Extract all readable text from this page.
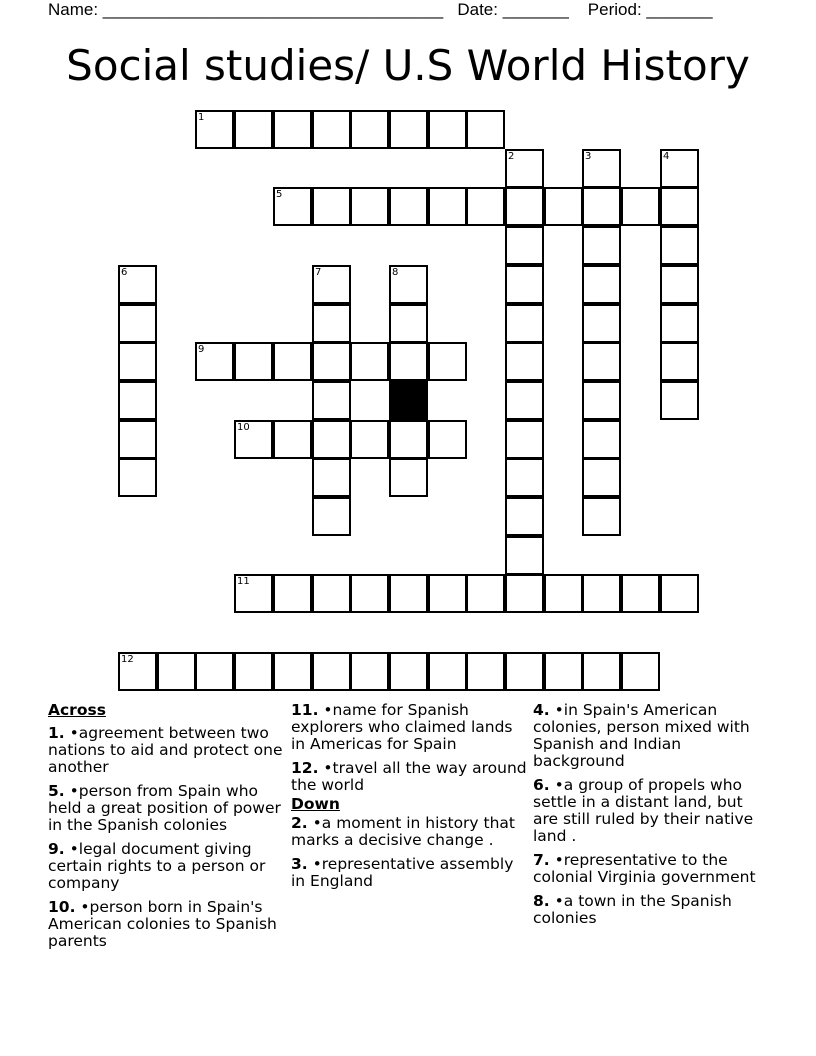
Name: ____________________________________ Date: _______ Period: _______
Social studies/ U.S World History
1
2	3	4
5
6	7	8
9
10
11
12
Across
1. •agreement between two nations to aid and protect one another
5. •person from Spain who held a great position of power in the Spanish colonies
9. •legal document giving certain rights to a person or company
10. •person born in Spain's American colonies to Spanish parents
11. •name for Spanish explorers who claimed lands in Americas for Spain
12. •travel all the way around the world
Down
2. •a moment in history that marks a decisive change .
3. •representative assembly in England
4. •in Spain's American colonies, person mixed with Spanish and Indian background
6. •a group of propels who settle in a distant land, but are still ruled by their native land .
7. •representative to the colonial Virginia government
8. •a town in the Spanish colonies
